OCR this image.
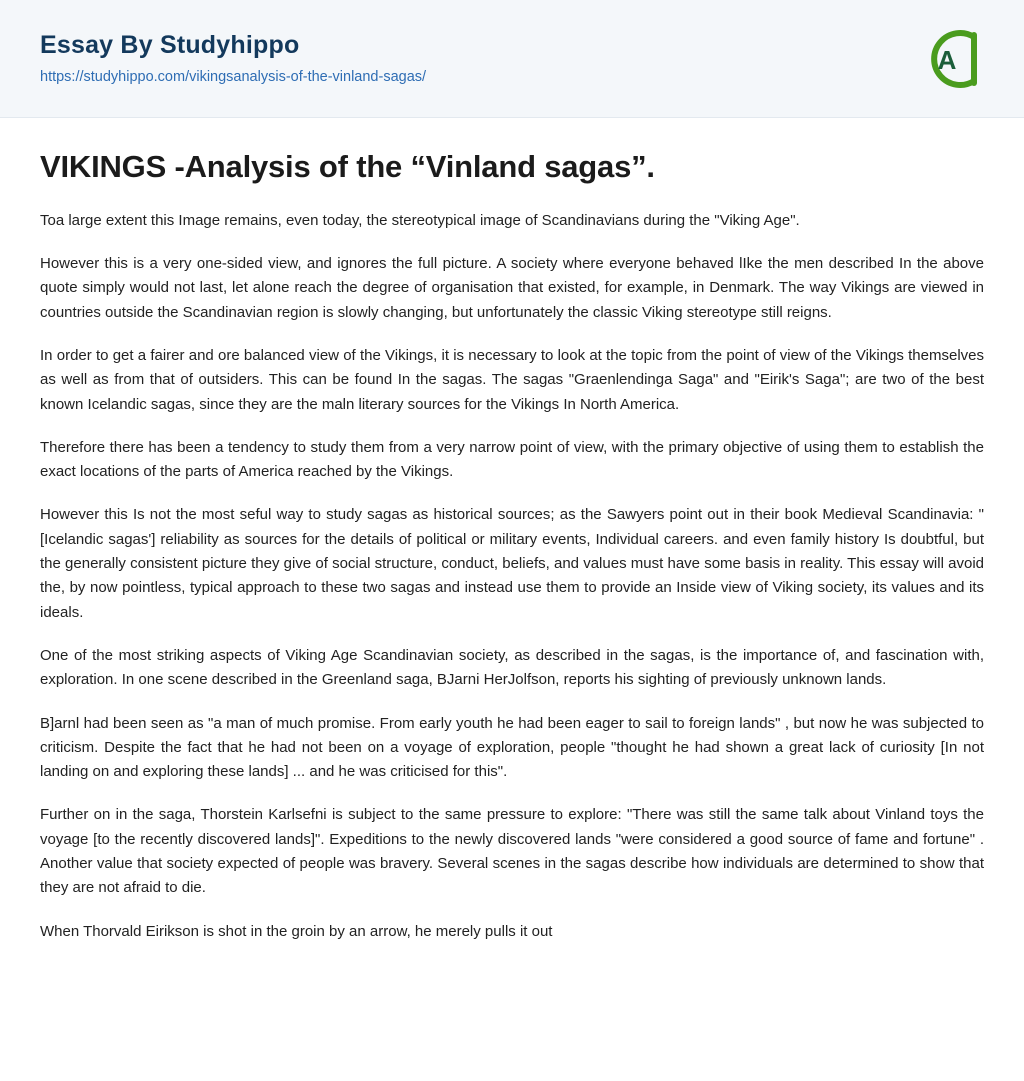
Essay By Studyhippo
https://studyhippo.com/vikingsanalysis-of-the-vinland-sagas/
A
VIKINGS -Analysis of the “Vinland sagas”.

Toa large extent this Image remains, even today, the stereotypical image of Scandinavians during the "Viking Age".

However this is a very one-sided view, and ignores the full picture. A society where everyone behaved lIke the men described In the above quote simply would not last, let alone reach the degree of organisation that existed, for example, in Denmark. The way Vikings are viewed in countries outside the Scandinavian region is slowly changing, but unfortunately the classic Viking stereotype still reigns.

In order to get a fairer and ore balanced view of the Vikings, it is necessary to look at the topic from the point of view of the Vikings themselves as well as from that of outsiders. This can be found In the sagas. The sagas "Graenlendinga Saga" and "Eirik's Saga"; are two of the best known Icelandic sagas, since they are the maln literary sources for the Vikings In North America.

Therefore there has been a tendency to study them from a very narrow point of view, with the primary objective of using them to establish the exact locations of the parts of America reached by the Vikings.

However this Is not the most seful way to study sagas as historical sources; as the Sawyers point out in their book Medieval Scandinavia: "[Icelandic sagas'] reliability as sources for the details of political or military events, Individual careers. and even family history Is doubtful, but the generally consistent picture they give of social structure, conduct, beliefs, and values must have some basis in reality. This essay will avoid the, by now pointless, typical approach to these two sagas and instead use them to provide an Inside view of Viking society, its values and its ideals.

One of the most striking aspects of Viking Age Scandinavian society, as described in the sagas, is the importance of, and fascination with, exploration. In one scene described in the Greenland saga, BJarni HerJolfson, reports his sighting of previously unknown lands.

B]arnl had been seen as "a man of much promise. From early youth he had been eager to sail to foreign lands" , but now he was subjected to criticism. Despite the fact that he had not been on a voyage of exploration, people "thought he had shown a great lack of curiosity [In not landing on and exploring these lands] ... and he was criticised for this".

Further on in the saga, Thorstein Karlsefni is subject to the same pressure to explore: "There was still the same talk about Vinland toys the voyage [to the recently discovered lands]". Expeditions to the newly discovered lands "were considered a good source of fame and fortune" . Another value that society expected of people was bravery. Several scenes in the sagas describe how individuals are determined to show that they are not afraid to die.

When Thorvald Eirikson is shot in the groin by an arrow, he merely pulls it out
